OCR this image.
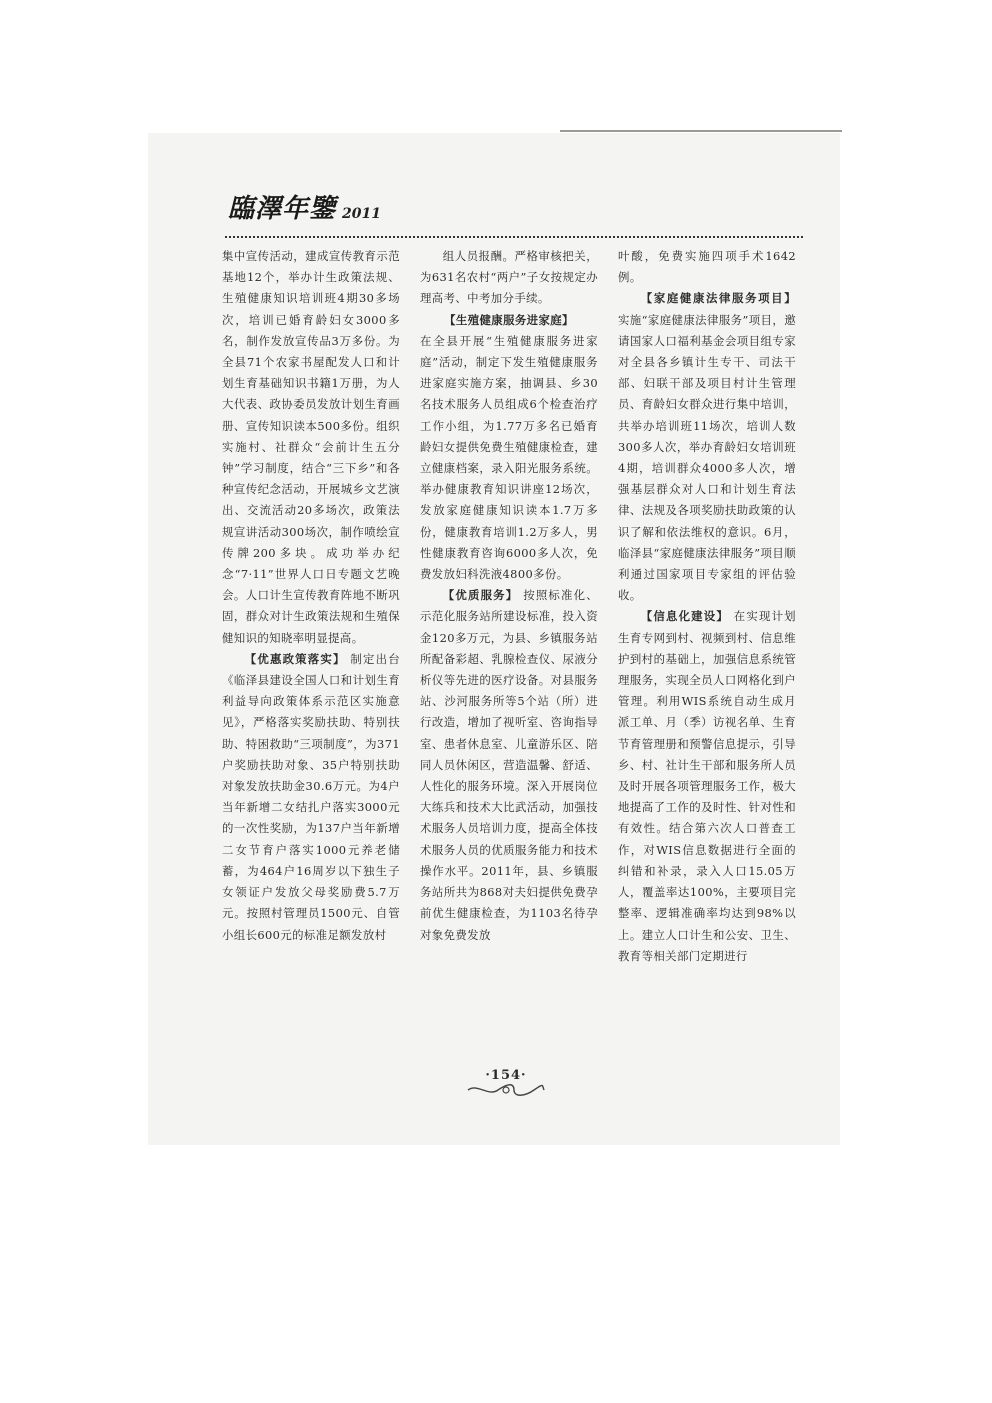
臨澤年鑒 2011

集中宣传活动，建成宣传教育示范基地12个，举办计生政策法规、生殖健康知识培训班4期30多场次，培训已婚育龄妇女3000多名，制作发放宣传品3万多份。为全县71个农家书屋配发人口和计划生育基础知识书籍1万册，为人大代表、政协委员发放计划生育画册、宣传知识读本500多份。组织实施村、社群众“会前计生五分钟”学习制度，结合“三下乡”和各种宣传纪念活动，开展城乡文艺演出、交流活动20多场次，政策法规宣讲活动300场次，制作喷绘宣传牌200多块。成功举办纪念“7·11”世界人口日专题文艺晚会。人口计生宣传教育阵地不断巩固，群众对计生政策法规和生殖保健知识的知晓率明显提高。

【优惠政策落实】 制定出台《临泽县建设全国人口和计划生育利益导向政策体系示范区实施意见》，严格落实奖励扶助、特别扶助、特困救助“三项制度”，为371户奖励扶助对象、35户特别扶助对象发放扶助金30.6万元。为4户当年新增二女结扎户落实3000元的一次性奖励，为137户当年新增二女节育户落实1000元养老储蓄，为464户16周岁以下独生子女领证户发放父母奖励费5.7万元。按照村管理员1500元、自管小组长600元的标准足额发放村

组人员报酬。严格审核把关，为631名农村“两户”子女按规定办理高考、中考加分手续。

【生殖健康服务进家庭】

在全县开展“生殖健康服务进家庭”活动，制定下发生殖健康服务进家庭实施方案，抽调县、乡30名技术服务人员组成6个检查治疗工作小组，为1.77万多名已婚育龄妇女提供免费生殖健康检查，建立健康档案，录入阳光服务系统。举办健康教育知识讲座12场次，发放家庭健康知识读本1.7万多份，健康教育培训1.2万多人，男性健康教育咨询6000多人次，免费发放妇科洗液4800多份。

【优质服务】 按照标准化、示范化服务站所建设标准，投入资金120多万元，为县、乡镇服务站所配备彩超、乳腺检查仪、尿液分析仪等先进的医疗设备。对县服务站、沙河服务所等5个站（所）进行改造，增加了视听室、咨询指导室、患者休息室、儿童游乐区、陪同人员休闲区，营造温馨、舒适、人性化的服务环境。深入开展岗位大练兵和技术大比武活动，加强技术服务人员培训力度，提高全体技术服务人员的优质服务能力和技术操作水平。2011年，县、乡镇服务站所共为868对夫妇提供免费孕前优生健康检查，为1103名待孕对象免费发放

叶酸，免费实施四项手术1642例。

【家庭健康法律服务项目】 实施“家庭健康法律服务”项目，邀请国家人口福利基金会项目组专家对全县各乡镇计生专干、司法干部、妇联干部及项目村计生管理员、育龄妇女群众进行集中培训，共举办培训班11场次，培训人数300多人次，举办育龄妇女培训班4期，培训群众4000多人次，增强基层群众对人口和计划生育法律、法规及各项奖励扶助政策的认识了解和依法维权的意识。6月，临泽县“家庭健康法律服务”项目顺利通过国家项目专家组的评估验收。

【信息化建设】 在实现计划生育专网到村、视频到村、信息维护到村的基础上，加强信息系统管理服务，实现全员人口网格化到户管理。利用WIS系统自动生成月派工单、月（季）访视名单、生育节育管理册和预警信息提示，引导乡、村、社计生干部和服务所人员及时开展各项管理服务工作，极大地提高了工作的及时性、针对性和有效性。结合第六次人口普查工作，对WIS信息数据进行全面的纠错和补录，录入人口15.05万人，覆盖率达100%，主要项目完整率、逻辑准确率均达到98%以上。建立人口计生和公安、卫生、教育等相关部门定期进行

·154·
